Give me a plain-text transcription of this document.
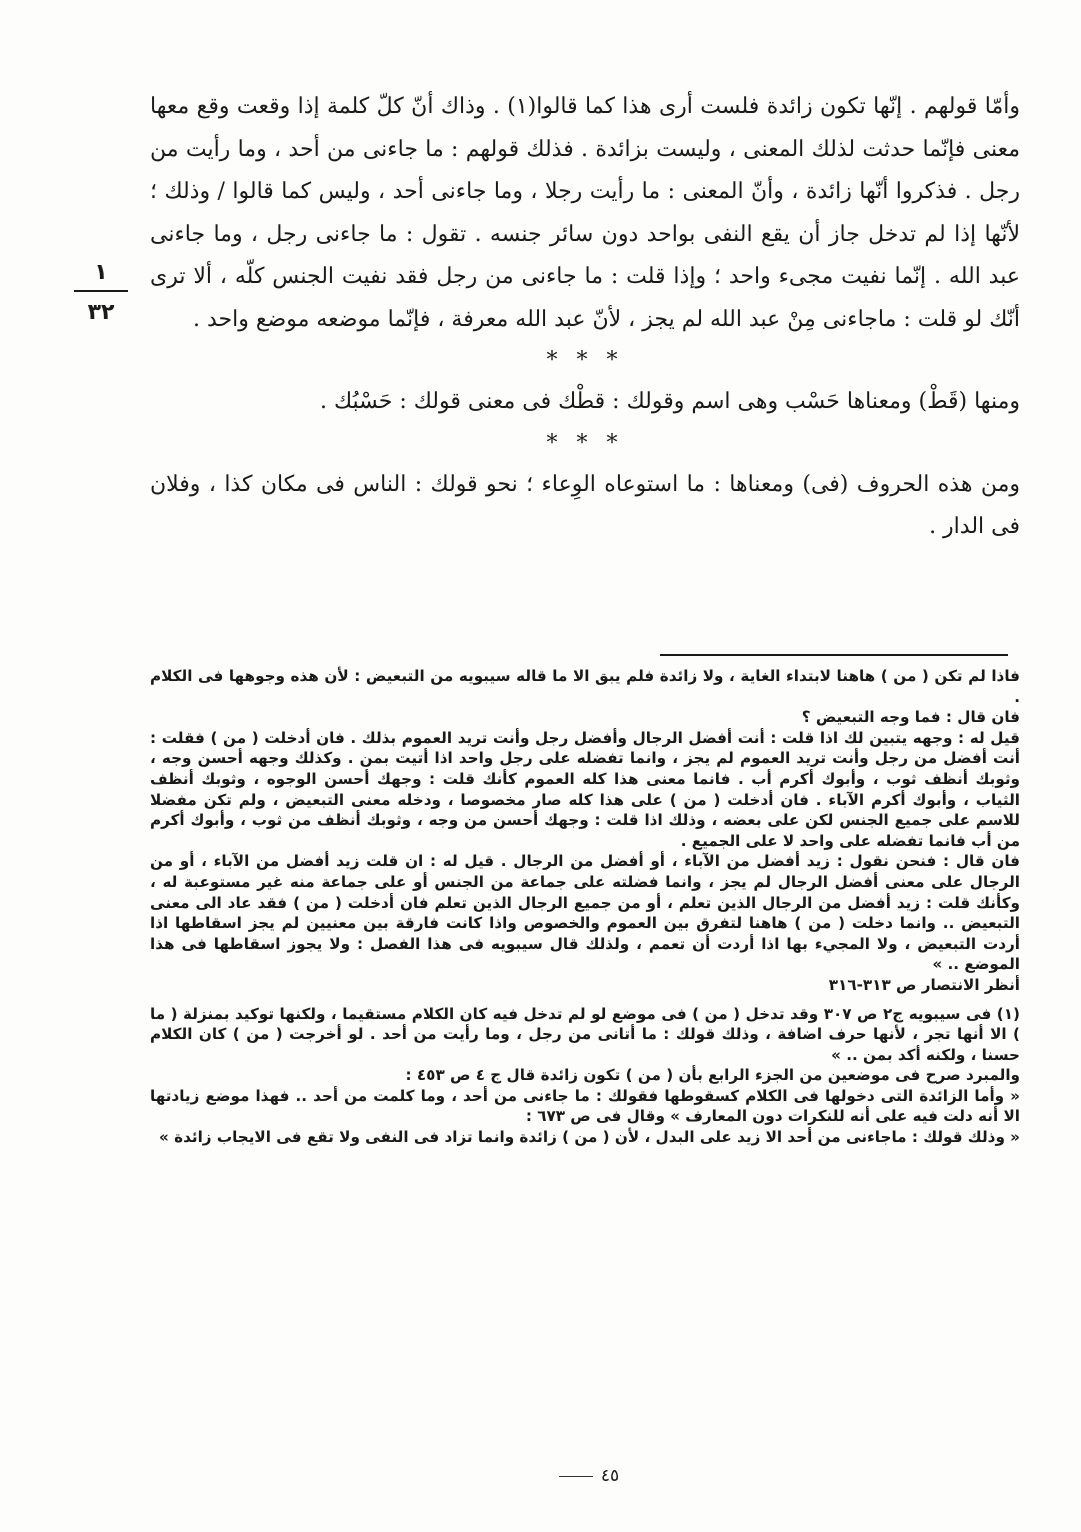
وأمّا قولهم . إنّها تكون زائدة فلست أرى هذا كما قالوا(١) . وذاك أنّ كلّ كلمة إذا وقعت وقع معها معنى فإنّما حدثت لذلك المعنى ، وليست بزائدة . فذلك قولهم : ما جاءنى من أحد ، وما رأيت من رجل . فذكروا أنّها زائدة ، وأنّ المعنى : ما رأيت رجلا ، وما جاءنى أحد ، وليس كما قالوا / وذلك ؛ لأنّها إذا لم تدخل جاز أن يقع النفى بواحد دون سائر جنسه . تقول : ما جاءنى رجل ، وما جاءنى عبد الله . إنّما نفيت مجىء واحد ؛ وإذا قلت : ما جاءنى من رجل فقد نفيت الجنس كلّه ، ألا ترى أنّك لو قلت : ماجاءنى مِنْ عبد الله لم يجز ، لأنّ عبد الله معرفة ، فإنّما موضعه موضع واحد .

* * *

ومنها (قَطْ) ومعناها حَسْب وهى اسم وقولك : قطْك فى معنى قولك : حَسْبُك .

* * *

ومن هذه الحروف (فى) ومعناها : ما استوعاه الوِعاء ؛ نحو قولك : الناس فى مكان كذا ، وفلان فى الدار .

١
٣٢

فاذا لم تكن ( من ) هاهنا لابتداء الغاية ، ولا زائدة فلم يبق الا ما قاله سيبويه من التبعيض : لأن هذه وجوهها فى الكلام .

فان قال : فما وجه التبعيض ؟

قيل له : وجهه يتبين لك اذا قلت : أنت أفضل الرجال وأفضل رجل وأنت تريد العموم بذلك . فان أدخلت ( من ) فقلت : أنت أفضل من رجل وأنت تريد العموم لم يجز ، وانما تفضله على رجل واحد اذا أتيت بمن . وكذلك وجهه أحسن وجه ، وثوبك أنظف ثوب ، وأبوك أكرم أب . فانما معنى هذا كله العموم كأنك قلت : وجهك أحسن الوجوه ، وثوبك أنظف الثياب ، وأبوك أكرم الآباء . فان أدخلت ( من ) على هذا كله صار مخصوصا ، ودخله معنى التبعيض ، ولم تكن مفضلا للاسم على جميع الجنس لكن على بعضه ، وذلك اذا قلت : وجهك أحسن من وجه ، وثوبك أنظف من ثوب ، وأبوك أكرم من أب فانما تفضله على واحد لا على الجميع .

فان قال : فنحن نقول : زيد أفضل من الآباء ، أو أفضل من الرجال . قيل له : ان قلت زيد أفضل من الآباء ، أو من الرجال على معنى أفضل الرجال لم يجز ، وانما فضلته على جماعة من الجنس أو على جماعة منه غير مستوعبة له ، وكأنك قلت : زيد أفضل من الرجال الذين تعلم ، أو من جميع الرجال الذين تعلم فان أدخلت ( من ) فقد عاد الى معنى التبعيض .. وانما دخلت ( من ) هاهنا لتفرق بين العموم والخصوص واذا كانت فارقة بين معنيين لم يجز اسقاطها اذا أردت التبعيض ، ولا المجيء بها اذا أردت أن تعمم ، ولذلك قال سيبويه فى هذا الفصل : ولا يجوز اسقاطها فى هذا الموضع .. »

أنظر الانتصار ص ٣١٣-٣١٦

(١) فى سيبويه ج٢ ص ٣٠٧ وقد تدخل ( من ) فى موضع لو لم تدخل فيه كان الكلام مستقيما ، ولكنها توكيد بمنزلة ( ما ) الا أنها تجر ، لأنها حرف اضافة ، وذلك قولك : ما أتانى من رجل ، وما رأيت من أحد . لو أخرجت ( من ) كان الكلام حسنا ، ولكنه أكد بمن .. »

والمبرد صرح فى موضعين من الجزء الرابع بأن ( من ) تكون زائدة قال ج ٤ ص ٤٥٣ :

« وأما الزائدة التى دخولها فى الكلام كسقوطها فقولك : ما جاءنى من أحد ، وما كلمت من أحد .. فهذا موضع زيادتها الا أنه دلت فيه على أنه للنكرات دون المعارف » وقال فى ص ٦٧٣ :

« وذلك قولك : ماجاءنى من أحد الا زيد على البدل ، لأن ( من ) زائدة وانما تزاد فى النفى ولا تقع فى الايجاب زائدة »

٤٥
